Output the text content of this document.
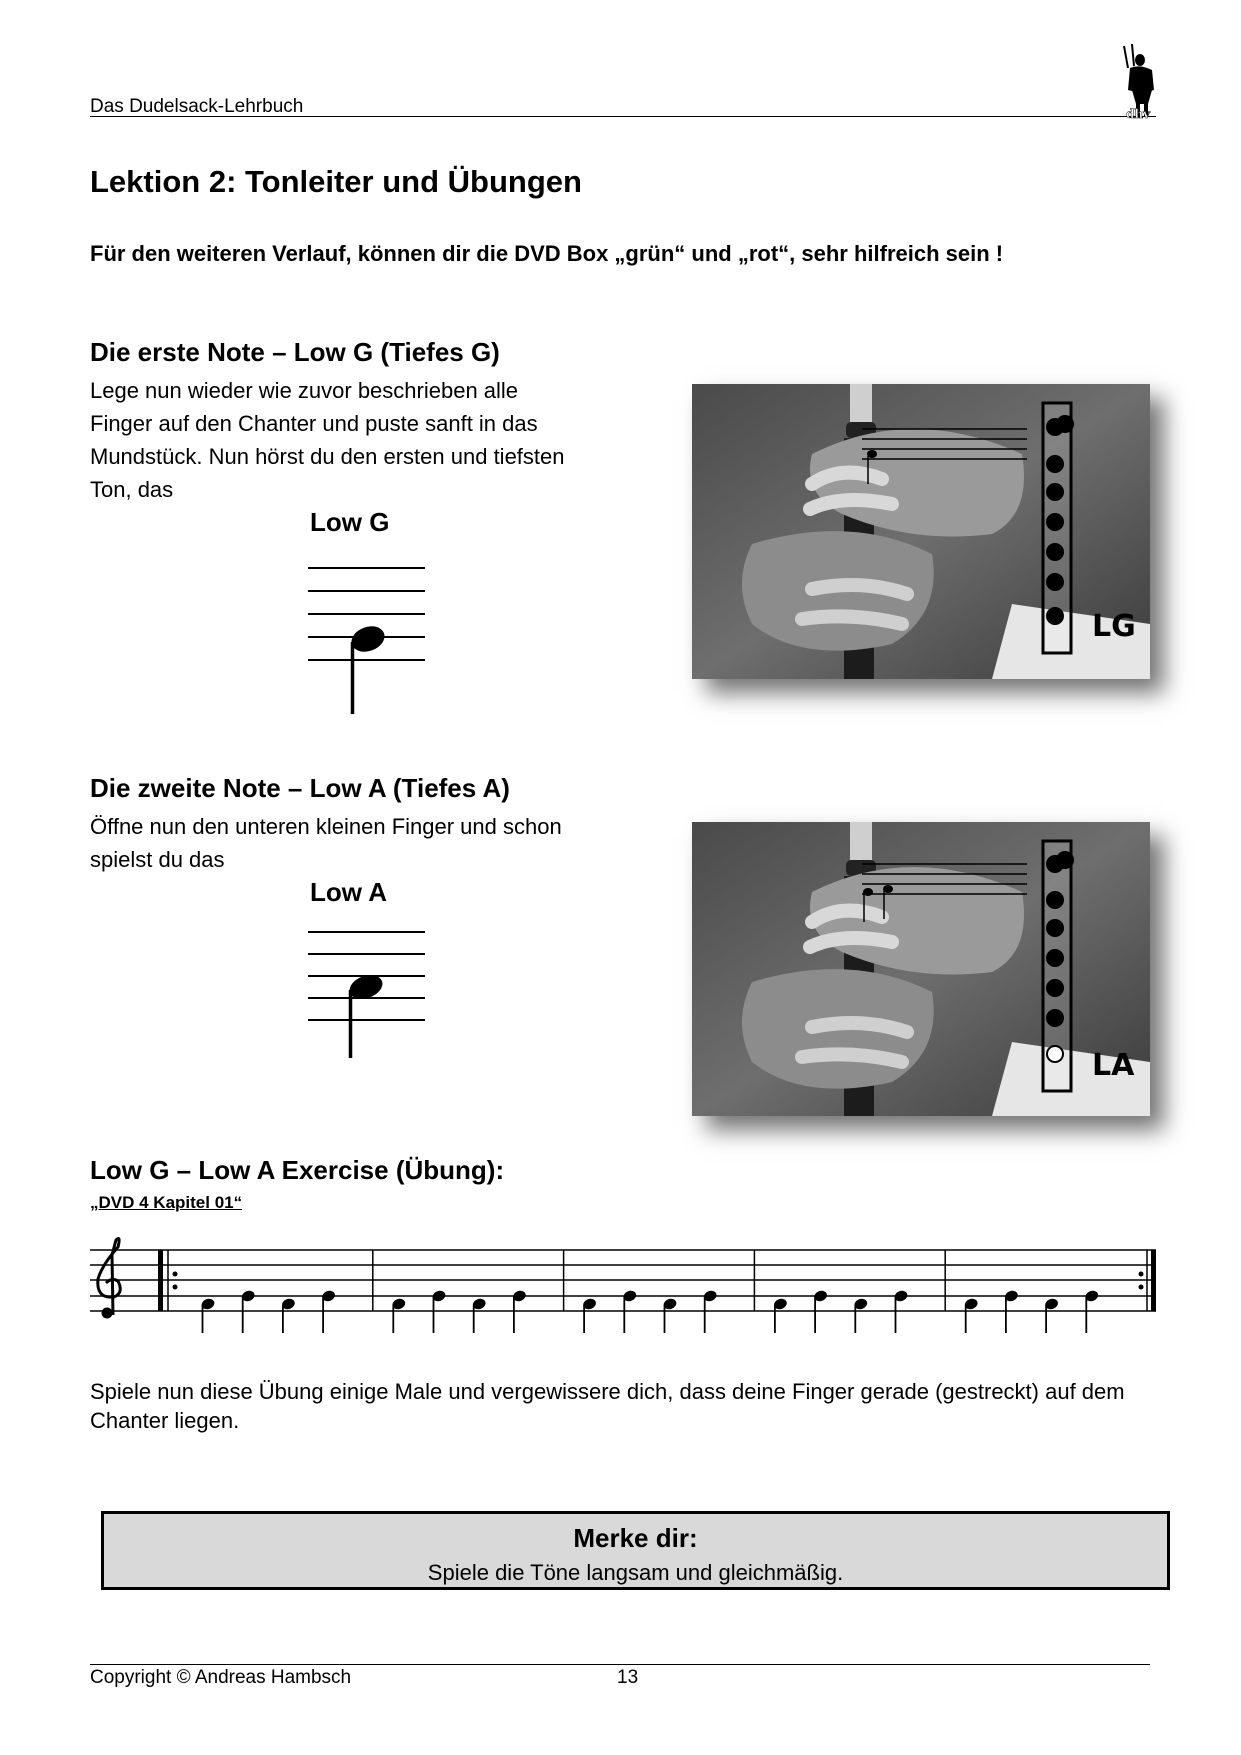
Das Dudelsack-Lehrbuch	dhv
Lektion 2: Tonleiter und Übungen
Für den weiteren Verlauf, können dir die DVD Box „grün“ und „rot“, sehr hilfreich sein !
Die erste Note – Low G (Tiefes G)
Lege nun wieder wie zuvor beschrieben alle
Finger auf den Chanter und puste sanft in das
Mundstück. Nun hörst du den ersten und tiefsten
Ton, das
Low G
LG
Die zweite Note – Low A (Tiefes A)
Öffne nun den unteren kleinen Finger und schon
spielst du das
Low A
LA
Low G – Low A Exercise (Übung):
„DVD 4 Kapitel 01“
Spiele nun diese Übung einige Male und vergewissere dich, dass deine Finger gerade (gestreckt) auf dem Chanter liegen.
Merke dir:
Spiele die Töne langsam und gleichmäßig.
Copyright © Andreas Hambsch	13
